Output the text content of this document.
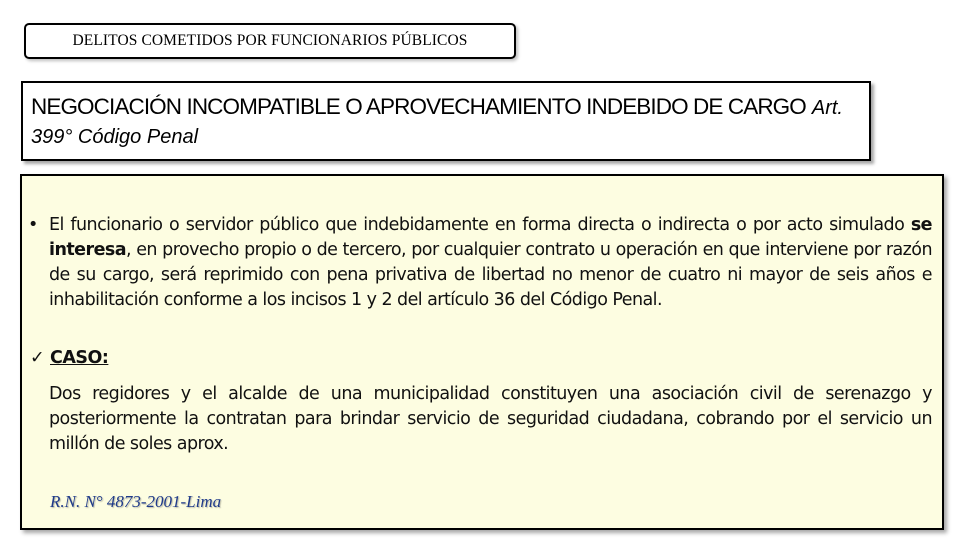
DELITOS COMETIDOS POR FUNCIONARIOS PÚBLICOS
NEGOCIACIÓN INCOMPATIBLE O APROVECHAMIENTO INDEBIDO DE CARGO Art. 399° Código Penal
• El funcionario o servidor público que indebidamente en forma directa o indirecta o por acto simulado se interesa, en provecho propio o de tercero, por cualquier contrato u operación en que interviene por razón de su cargo, será reprimido con pena privativa de libertad no menor de cuatro ni mayor de seis años e inhabilitación conforme a los incisos 1 y 2 del artículo 36 del Código Penal.
✓ CASO:
Dos regidores y el alcalde de una municipalidad constituyen una asociación civil de serenazgo y posteriormente la contratan para brindar servicio de seguridad ciudadana, cobrando por el servicio un millón de soles aprox.
R.N. N° 4873-2001-Lima
